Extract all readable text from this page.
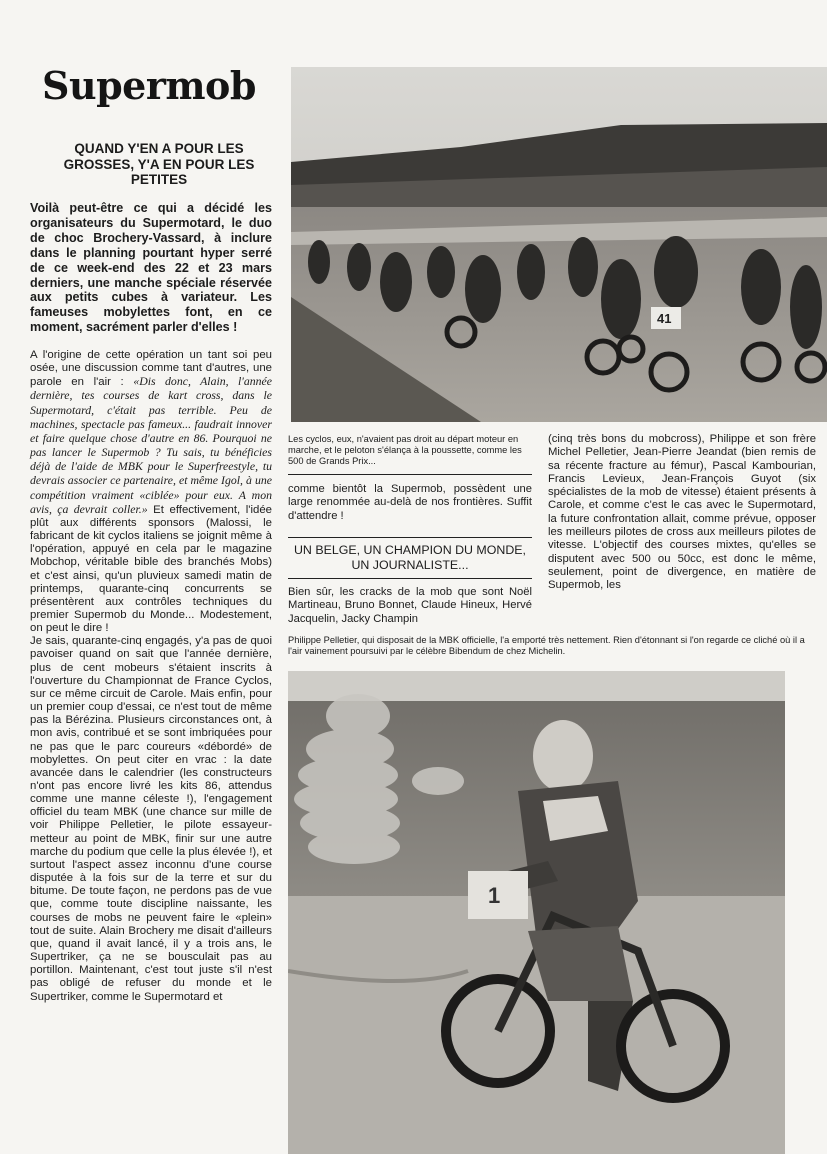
Supermob
QUAND Y'EN A POUR LES GROSSES, Y'A EN POUR LES PETITES
Voilà peut-être ce qui a décidé les organisateurs du Supermotard, le duo de choc Brochery-Vassard, à inclure dans le planning pourtant hyper serré de ce week-end des 22 et 23 mars derniers, une manche spéciale réservée aux petits cubes à variateur. Les fameuses mobylettes font, en ce moment, sacrément parler d'elles !
A l'origine de cette opération un tant soi peu osée, une discussion comme tant d'autres, une parole en l'air : «Dis donc, Alain, l'année dernière, tes courses de kart cross, dans le Supermotard, c'était pas terrible. Peu de machines, spectacle pas fameux... faudrait innover et faire quelque chose d'autre en 86. Pourquoi ne pas lancer le Supermob ? Tu sais, tu bénéficies déjà de l'aide de MBK pour le Superfreestyle, tu devrais associer ce partenaire, et même Igol, à une compétition vraiment «ciblée» pour eux. A mon avis, ça devrait coller.» Et effectivement, l'idée plût aux différents sponsors (Malossi, le fabricant de kit cyclos italiens se joignit même à l'opération, appuyé en cela par le magazine Mobchop, véritable bible des branchés Mobs) et c'est ainsi, qu'un pluvieux samedi matin de printemps, quarante-cinq concurrents se présentèrent aux contrôles techniques du premier Supermob du Monde... Modestement, on peut le dire !
Je sais, quarante-cinq engagés, y'a pas de quoi pavoiser quand on sait que l'année dernière, plus de cent mobeurs s'étaient inscrits à l'ouverture du Championnat de France Cyclos, sur ce même circuit de Carole. Mais enfin, pour un premier coup d'essai, ce n'est tout de même pas la Bérézina. Plusieurs circonstances ont, à mon avis, contribué et se sont imbriquées pour ne pas que le parc coureurs «débordé» de mobylettes. On peut citer en vrac : la date avancée dans le calendrier (les constructeurs n'ont pas encore livré les kits 86, attendus comme une manne céleste !), l'engagement officiel du team MBK (une chance sur mille de voir Philippe Pelletier, le pilote essayeur-metteur au point de MBK, finir sur une autre marche du podium que celle la plus élevée !), et surtout l'aspect assez inconnu d'une course disputée à la fois sur de la terre et sur du bitume. De toute façon, ne perdons pas de vue que, comme toute discipline naissante, les courses de mobs ne peuvent faire le «plein» tout de suite. Alain Brochery me disait d'ailleurs que, quand il avait lancé, il y a trois ans, le Supertriker, ça ne se bousculait pas au portillon. Maintenant, c'est tout juste s'il n'est pas obligé de refuser du monde et le Supertriker, comme le Supermotard et
41
Les cyclos, eux, n'avaient pas droit au départ moteur en marche, et le peloton s'élança à la poussette, comme les 500 de Grands Prix...
comme bientôt la Supermob, possèdent une large renommée au-delà de nos frontières. Suffit d'attendre !
UN BELGE, UN CHAMPION DU MONDE, UN JOURNALISTE...
Bien sûr, les cracks de la mob que sont Noël Martineau, Bruno Bonnet, Claude Hineux, Hervé Jacquelin, Jacky Champin
(cinq très bons du mobcross), Philippe et son frère Michel Pelletier, Jean-Pierre Jeandat (bien remis de sa récente fracture au fémur), Pascal Kambourian, Francis Levieux, Jean-François Guyot (six spécialistes de la mob de vitesse) étaient présents à Carole, et comme c'est le cas avec le Supermotard, la future confrontation allait, comme prévue, opposer les meilleurs pilotes de cross aux meilleurs pilotes de vitesse. L'objectif des courses mixtes, qu'elles se disputent avec 500 ou 50cc, est donc le même, seulement, point de divergence, en matière de Supermob, les
Philippe Pelletier, qui disposait de la MBK officielle, l'a emporté très nettement. Rien d'étonnant si l'on regarde ce cliché où il a l'air vainement poursuivi par le célèbre Bibendum de chez Michelin.
1
